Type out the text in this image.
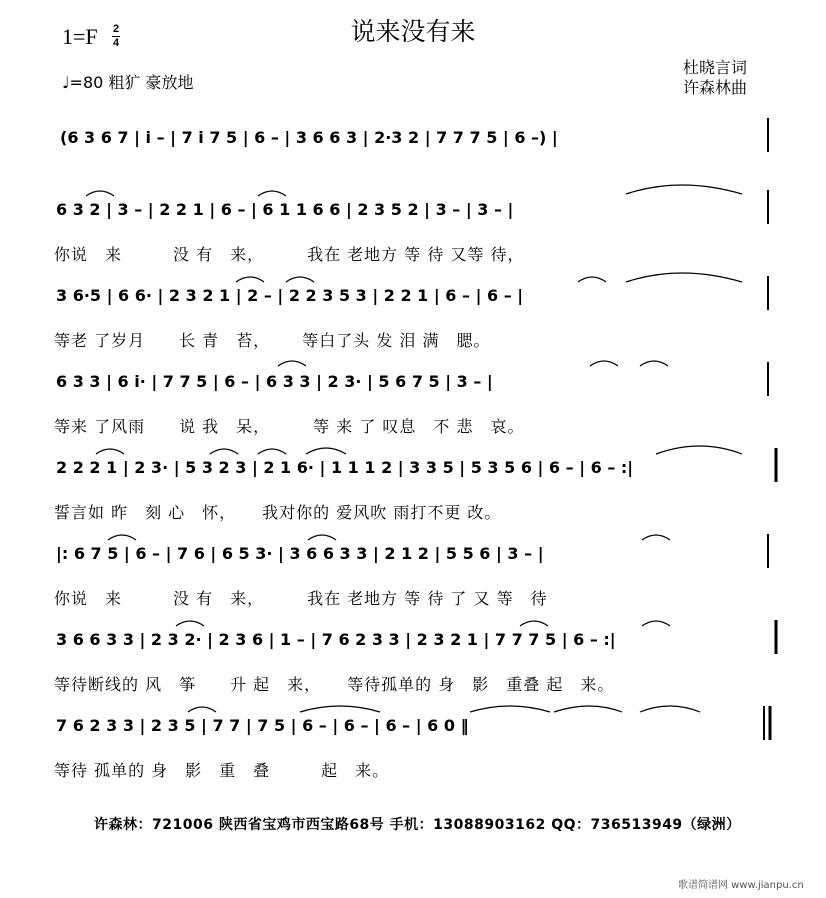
说来没有来
1=F 2
4
♩=80 粗犷 豪放地
杜晓言词
许森林曲
(6 3 6 7 | i – | 7 i 7 5 | 6 – | 3 6 6 3 | 2·3 2 | 7 7 7 5 | 6 –) |
6 3 2 | 3 – | 2 2 1 | 6 – | 6 1 1 6 6 | 2 3 5 2 | 3 – | 3 – |
你说　来　　　没 有　来，　　　我在 老地方 等 待 又等 待，
3 6·5 | 6 6· | 2 3 2 1 | 2 – | 2 2 3 5 3 | 2 2 1 | 6 – | 6 – |
等老 了岁月　　长 青　苔，　　 等白了头 发 泪 满　腮。
6 3 3 | 6 i· | 7 7 5 | 6 – | 6 3 3 | 2 3· | 5 6 7 5 | 3 – |
等来 了风雨　　说 我　呆，　　　等 来 了 叹息　不 悲　哀。
2 2 2 1 | 2 3· | 5 3 2 3 | 2 1 6· | 1 1 1 2 | 3 3 5 | 5 3 5 6 | 6 – | 6 – :|
誓言如 昨　刻 心　怀，　　我对你的 爱风吹 雨打不更 改。
|: 6 7 5 | 6 – | 7 6 | 6 5 3· | 3 6 6 3 3 | 2 1 2 | 5 5 6 | 3 – |
你说　来　　　没 有　来，　　　我在 老地方 等 待 了 又 等　待
3 6 6 3 3 | 2 3 2· | 2 3 6 | 1 – | 7 6 2 3 3 | 2 3 2 1 | 7 7 7 5 | 6 – :|
等待断线的 风　筝　　升 起　来，　　等待孤单的 身　影　重叠 起　来。
7 6 2 3 3 | 2 3 5 | 7 7 | 7 5 | 6 – | 6 – | 6 – | 6 0 ‖
等待 孤单的 身　影　重　叠　　　起　来。
许森林：721006 陕西省宝鸡市西宝路68号 手机：13088903162 QQ：736513949（绿洲）
歌谱简谱网 www.jianpu.cn
